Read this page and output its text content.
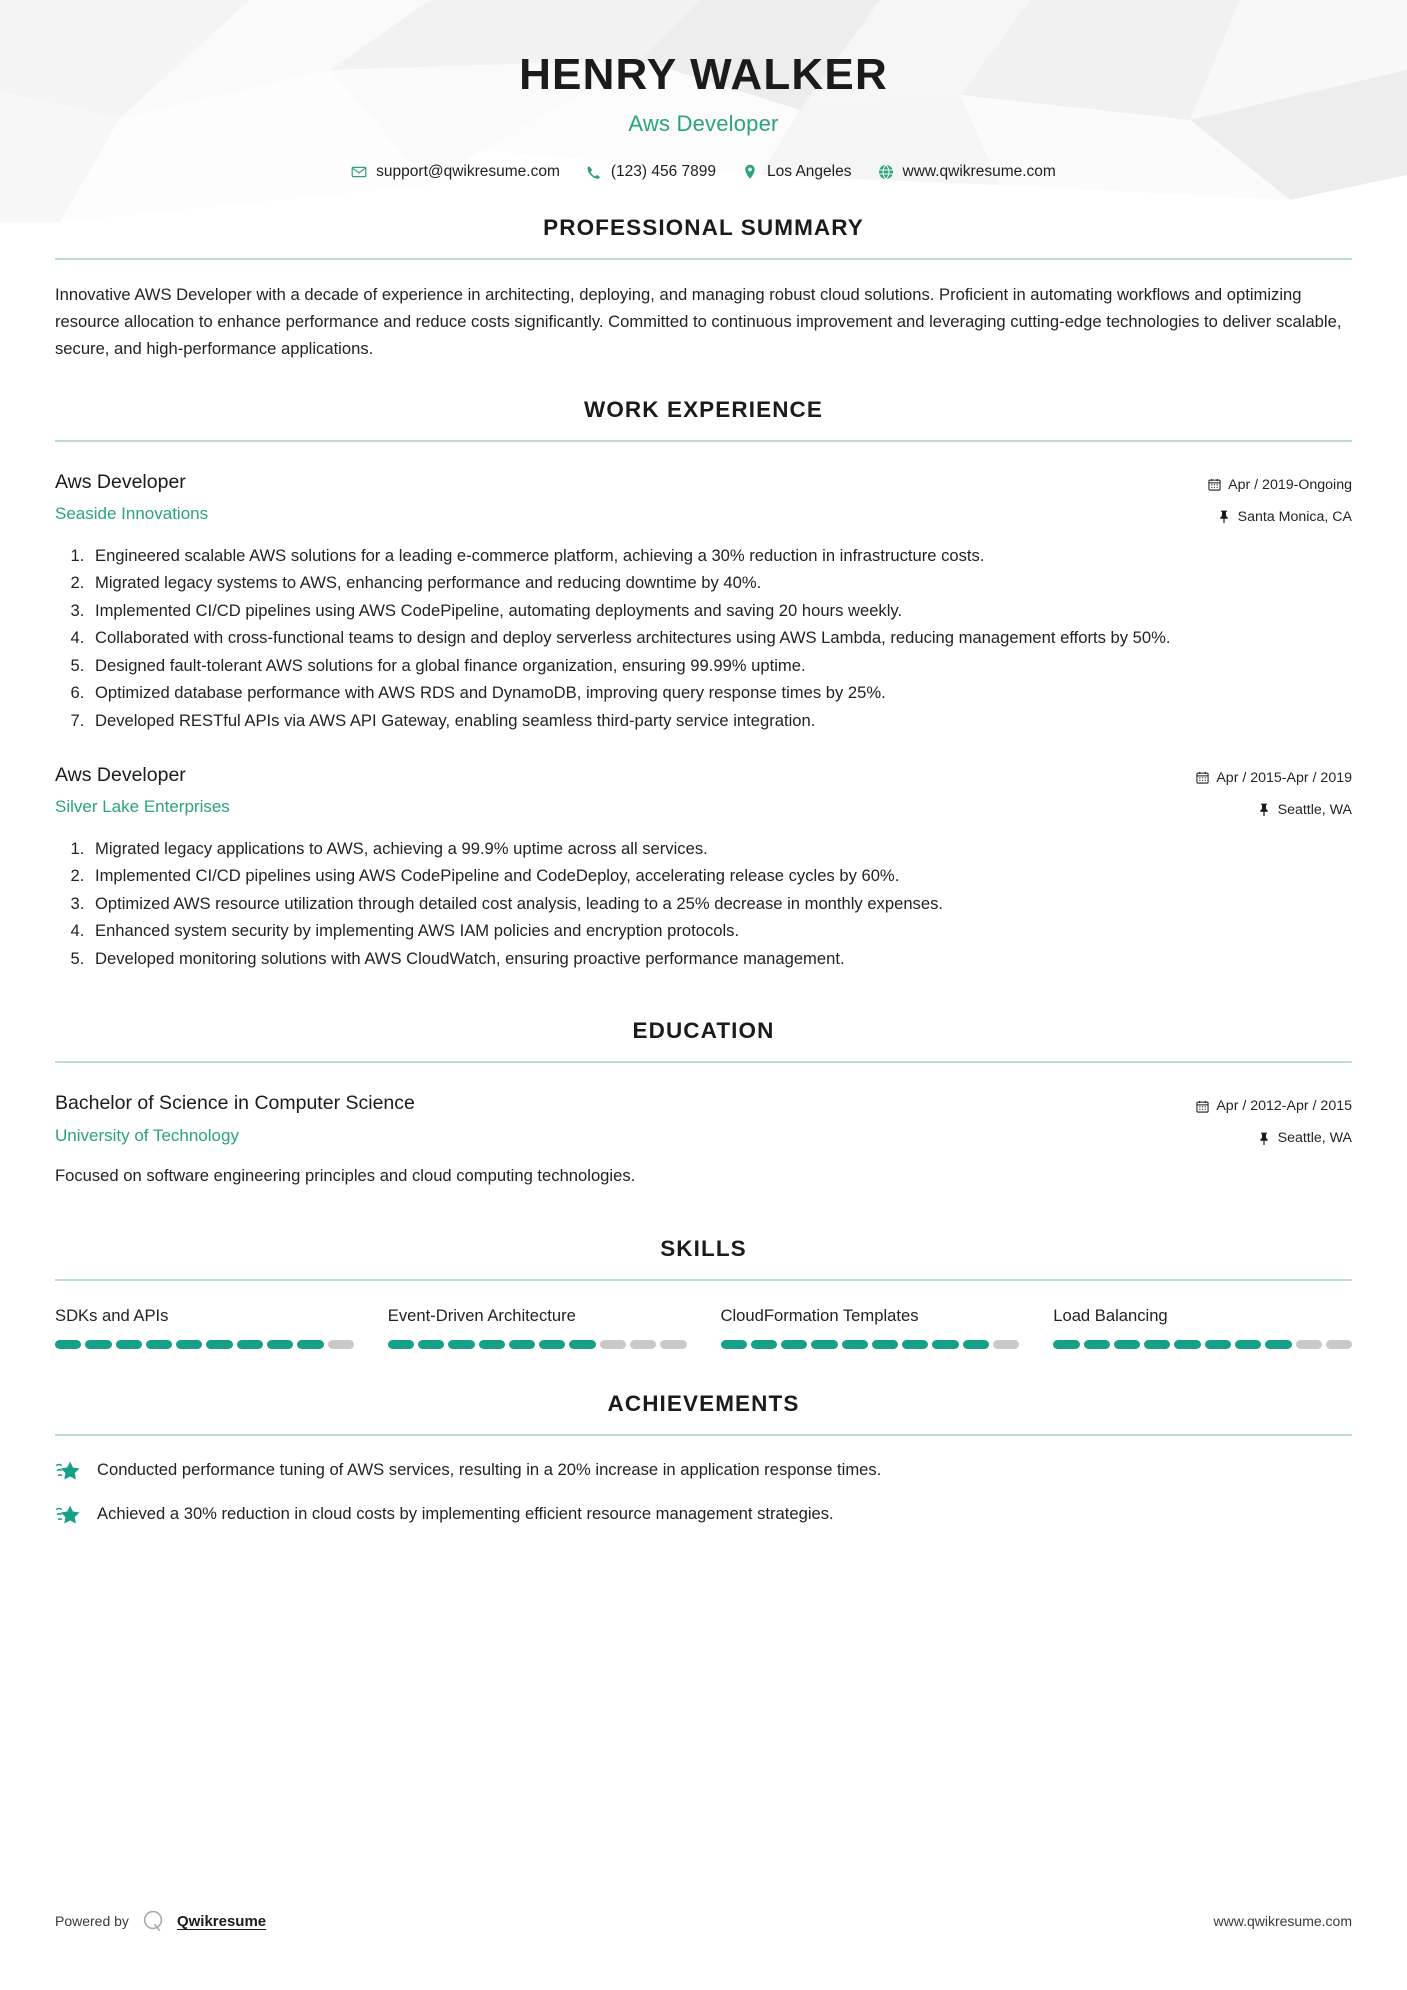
HENRY WALKER
Aws Developer
support@qwikresume.com	(123) 456 7899	Los Angeles	www.qwikresume.com
PROFESSIONAL SUMMARY
Innovative AWS Developer with a decade of experience in architecting, deploying, and managing robust cloud solutions. Proficient in automating workflows and optimizing resource allocation to enhance performance and reduce costs significantly. Committed to continuous improvement and leveraging cutting-edge technologies to deliver scalable, secure, and high-performance applications.
WORK EXPERIENCE
Aws Developer
Seaside Innovations
Apr / 2019-Ongoing
Santa Monica, CA
1. Engineered scalable AWS solutions for a leading e-commerce platform, achieving a 30% reduction in infrastructure costs.
2. Migrated legacy systems to AWS, enhancing performance and reducing downtime by 40%.
3. Implemented CI/CD pipelines using AWS CodePipeline, automating deployments and saving 20 hours weekly.
4. Collaborated with cross-functional teams to design and deploy serverless architectures using AWS Lambda, reducing management efforts by 50%.
5. Designed fault-tolerant AWS solutions for a global finance organization, ensuring 99.99% uptime.
6. Optimized database performance with AWS RDS and DynamoDB, improving query response times by 25%.
7. Developed RESTful APIs via AWS API Gateway, enabling seamless third-party service integration.
Aws Developer
Silver Lake Enterprises
Apr / 2015-Apr / 2019
Seattle, WA
1. Migrated legacy applications to AWS, achieving a 99.9% uptime across all services.
2. Implemented CI/CD pipelines using AWS CodePipeline and CodeDeploy, accelerating release cycles by 60%.
3. Optimized AWS resource utilization through detailed cost analysis, leading to a 25% decrease in monthly expenses.
4. Enhanced system security by implementing AWS IAM policies and encryption protocols.
5. Developed monitoring solutions with AWS CloudWatch, ensuring proactive performance management.
EDUCATION
Bachelor of Science in Computer Science
University of Technology
Apr / 2012-Apr / 2015
Seattle, WA
Focused on software engineering principles and cloud computing technologies.
SKILLS
SDKs and APIs	Event-Driven Architecture	CloudFormation Templates	Load Balancing
ACHIEVEMENTS
Conducted performance tuning of AWS services, resulting in a 20% increase in application response times.
Achieved a 30% reduction in cloud costs by implementing efficient resource management strategies.
Powered by	Qwikresume	www.qwikresume.com
